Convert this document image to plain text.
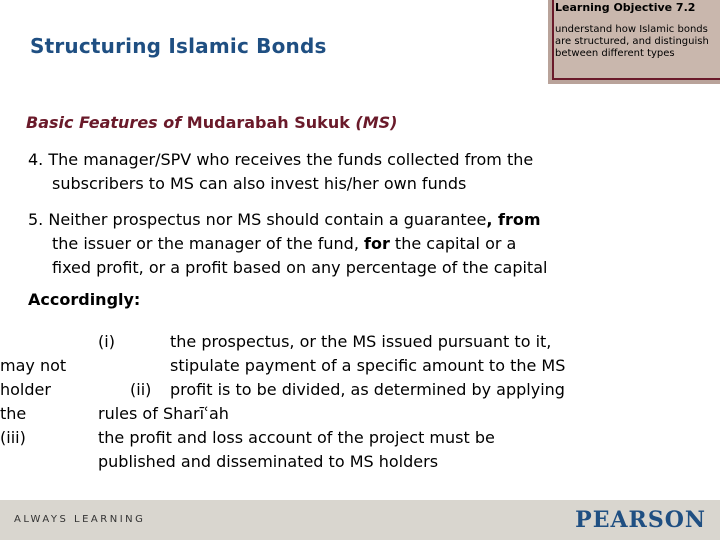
Structuring Islamic Bonds
Learning Objective 7.2
understand how Islamic bonds are structured, and distinguish between different types
Basic Features of Mudarabah Sukuk (MS)
4. The manager/SPV who receives the funds collected from the
subscribers to MS can also invest his/her own funds
5. Neither prospectus nor MS should contain a guarantee, from
the issuer or the manager of the fund, for the capital or a
fixed profit, or a profit based on any percentage of the capital
Accordingly:
(i)	the prospectus, or the MS issued pursuant to it,
may not	stipulate payment of a specific amount to the MS
holder	(ii) profit is to be divided, as determined by applying
the	rules of Sharīʿah
(iii)	the profit and loss account of the project must be
published and disseminated to MS holders
ALWAYS LEARNING	PEARSON
